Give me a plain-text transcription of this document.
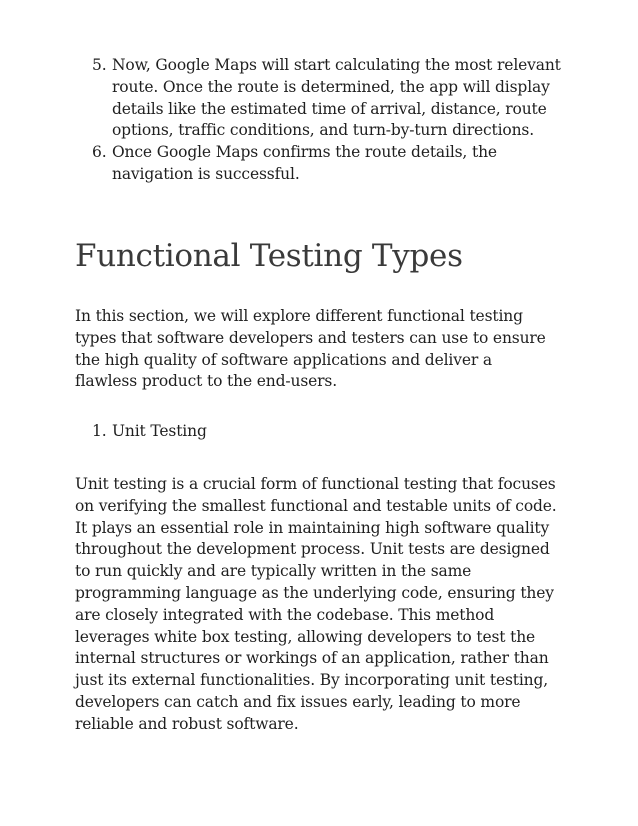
5. Now, Google Maps will start calculating the most relevant route. Once the route is determined, the app will display details like the estimated time of arrival, distance, route options, traffic conditions, and turn-by-turn directions.
6. Once Google Maps confirms the route details, the navigation is successful.
Functional Testing Types

In this section, we will explore different functional testing types that software developers and testers can use to ensure the high quality of software applications and deliver a flawless product to the end-users.

1. Unit Testing

Unit testing is a crucial form of functional testing that focuses on verifying the smallest functional and testable units of code. It plays an essential role in maintaining high software quality throughout the development process. Unit tests are designed to run quickly and are typically written in the same programming language as the underlying code, ensuring they are closely integrated with the codebase. This method leverages white box testing, allowing developers to test the internal structures or workings of an application, rather than just its external functionalities. By incorporating unit testing, developers can catch and fix issues early, leading to more reliable and robust software.
